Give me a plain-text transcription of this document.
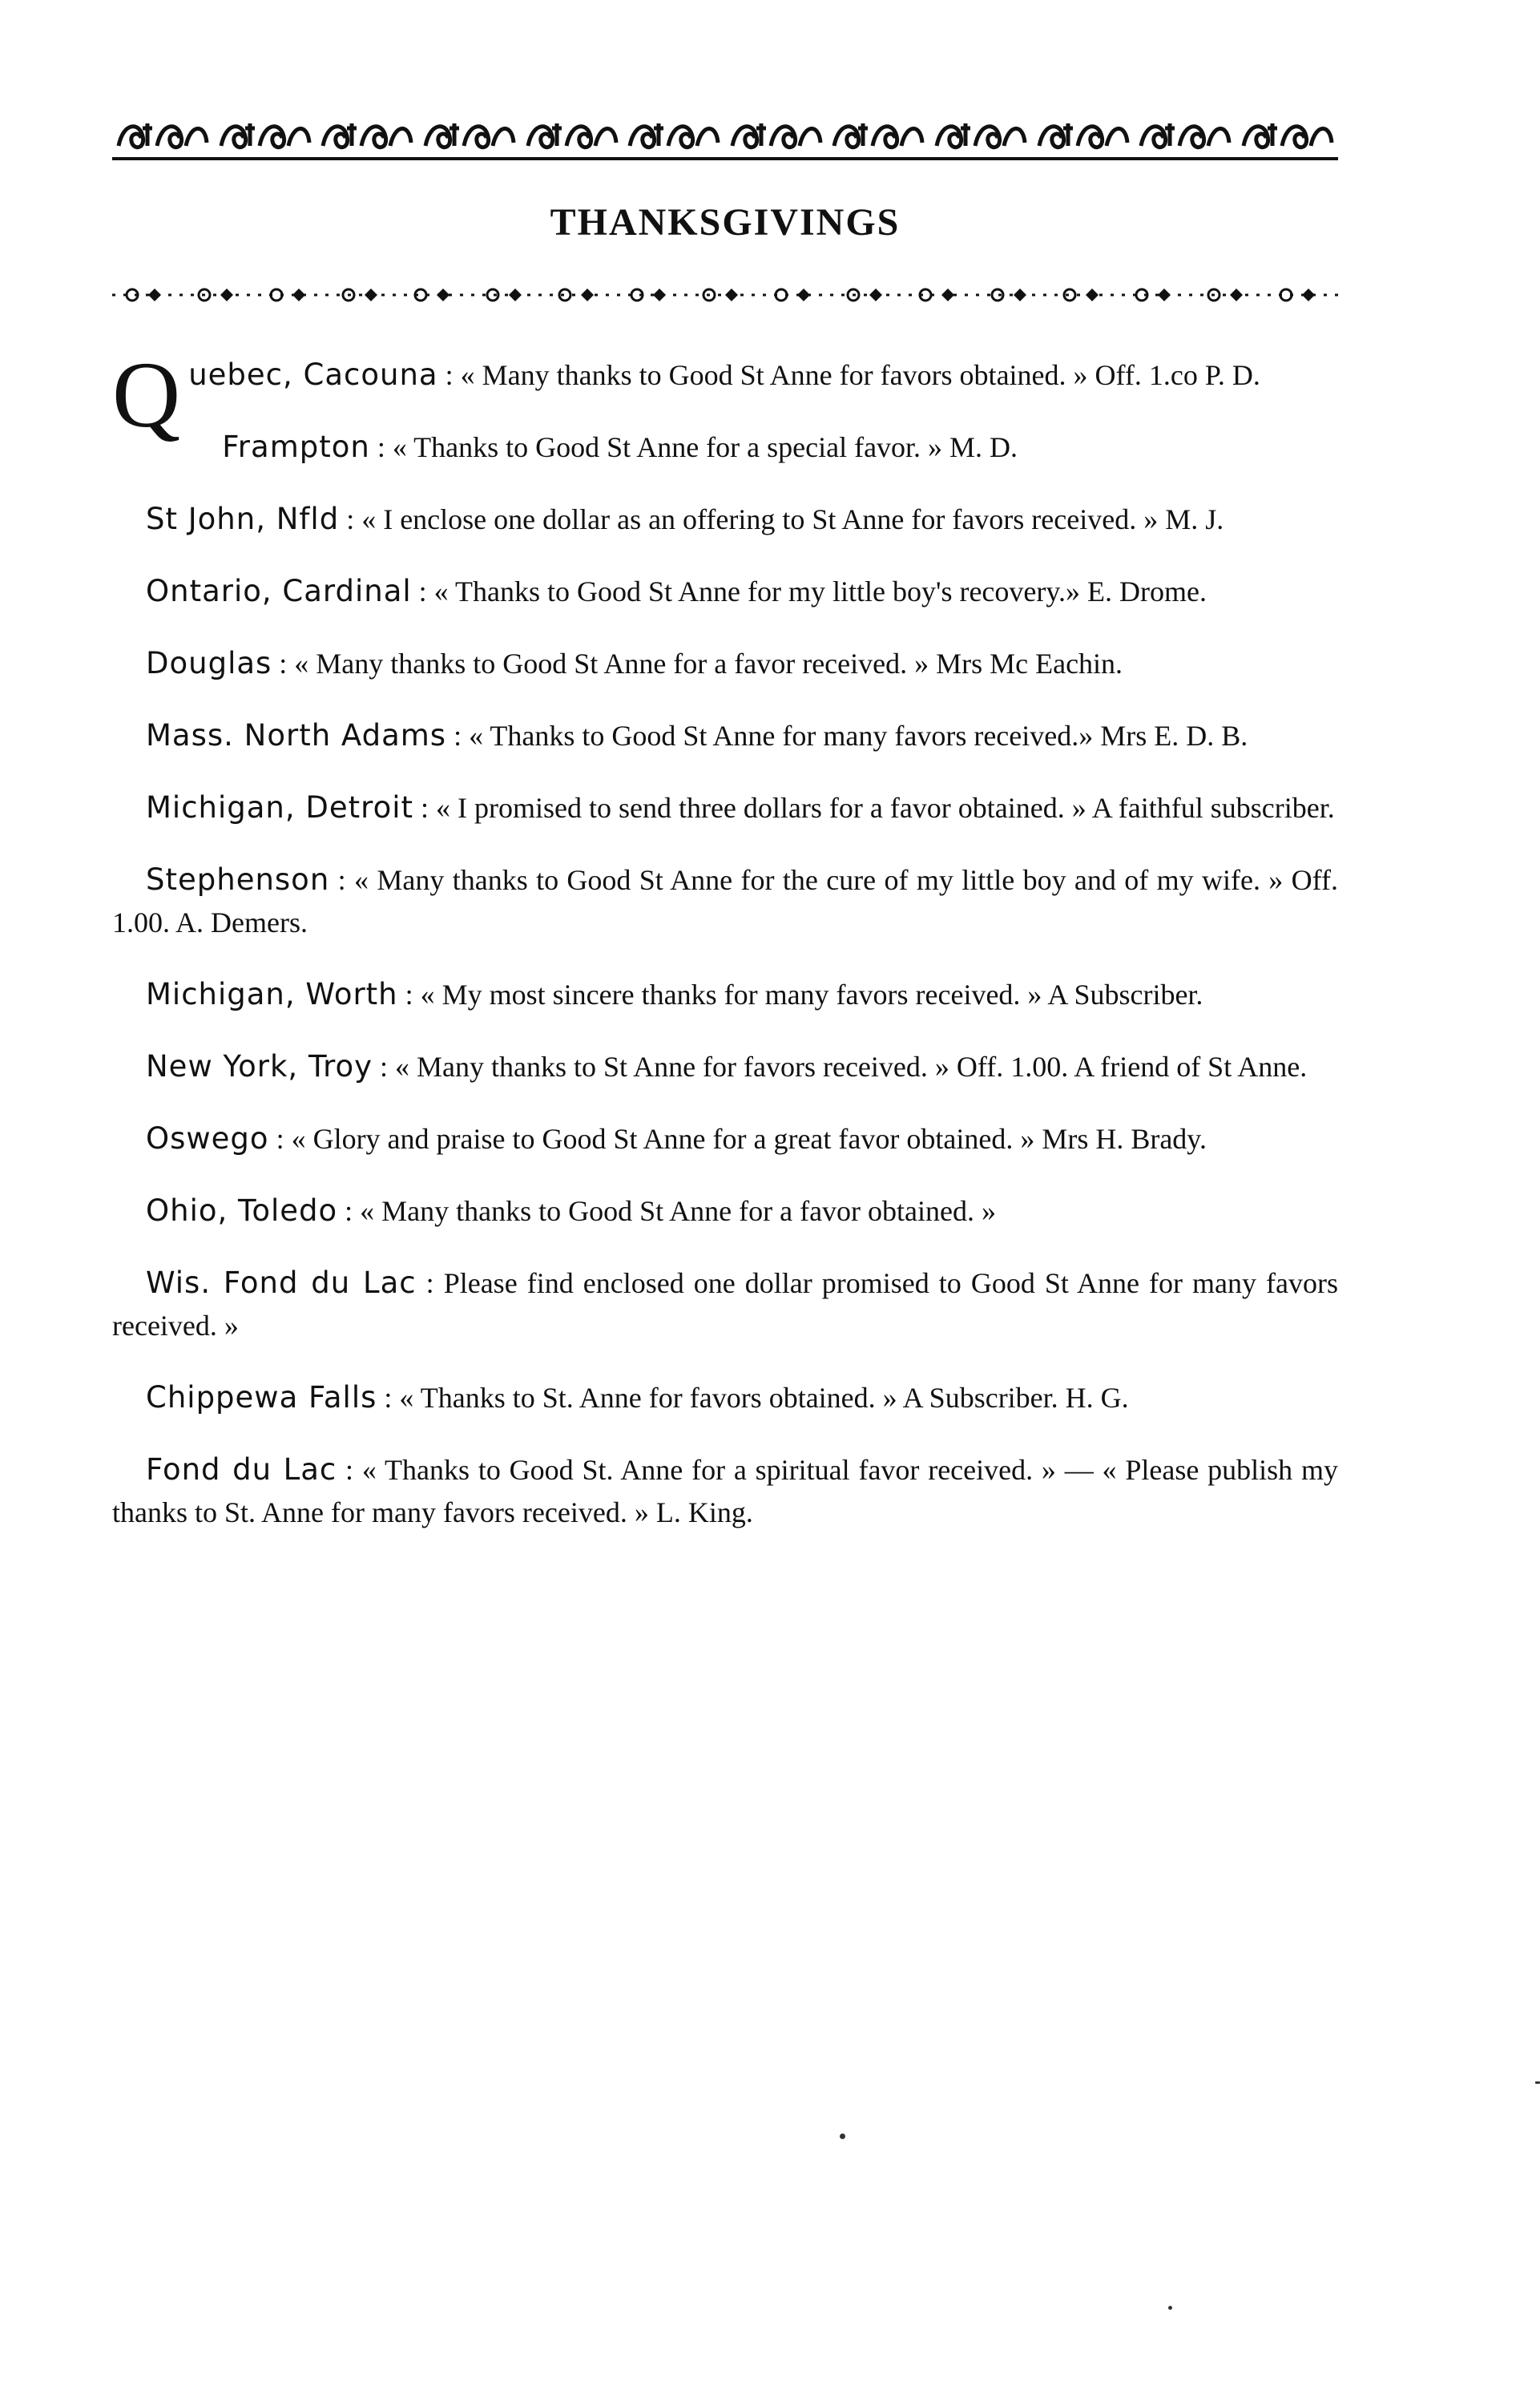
THANKSGIVINGS

Quebec, Cacouna : « Many thanks to Good St Anne for favors obtained. » Off. 1.co P. D.

Frampton : « Thanks to Good St Anne for a special favor. » M. D.

St John, Nfld : « I enclose one dollar as an offering to St Anne for favors received. » M. J.

Ontario, Cardinal : « Thanks to Good St Anne for my little boy's recovery.» E. Drome.

Douglas : « Many thanks to Good St Anne for a favor received. » Mrs Mc Eachin.

Mass. North Adams : « Thanks to Good St Anne for many favors received.» Mrs E. D. B.

Michigan, Detroit : « I promised to send three dollars for a favor obtained. » A faithful subscriber.

Stephenson : « Many thanks to Good St Anne for the cure of my little boy and of my wife. » Off. 1.00. A. Demers.

Michigan, Worth : « My most sincere thanks for many favors received. » A Subscriber.

New York, Troy : « Many thanks to St Anne for favors received. » Off. 1.00. A friend of St Anne.

Oswego : « Glory and praise to Good St Anne for a great favor obtained. » Mrs H. Brady.

Ohio, Toledo : « Many thanks to Good St Anne for a favor obtained. »

Wis. Fond du Lac : Please find enclosed one dollar promised to Good St Anne for many favors received. »

Chippewa Falls : « Thanks to St. Anne for favors obtained. » A Subscriber. H. G.

Fond du Lac : « Thanks to Good St. Anne for a spiritual favor received. » — « Please publish my thanks to St. Anne for many favors received. » L. King.
